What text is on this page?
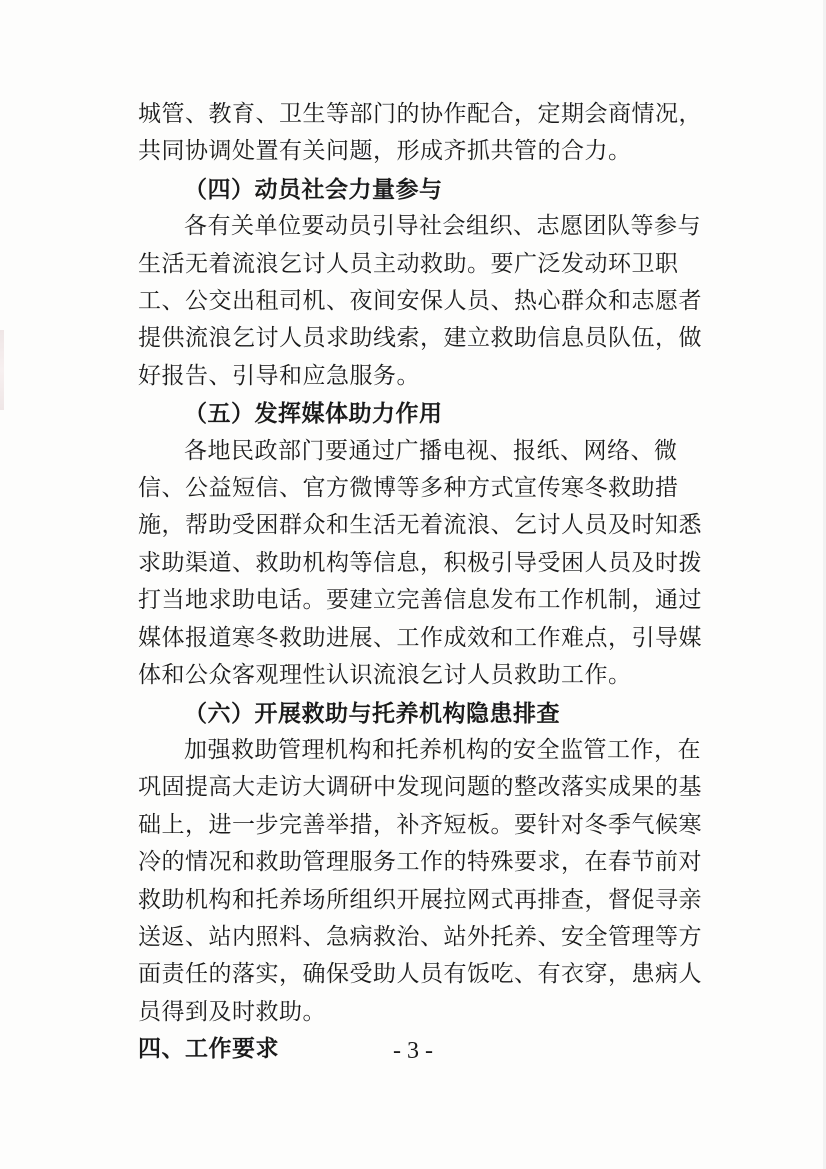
城管、教育、卫生等部门的协作配合，定期会商情况，共同协调处置有关问题，形成齐抓共管的合力。

（四）动员社会力量参与

各有关单位要动员引导社会组织、志愿团队等参与生活无着流浪乞讨人员主动救助。要广泛发动环卫职工、公交出租司机、夜间安保人员、热心群众和志愿者提供流浪乞讨人员求助线索，建立救助信息员队伍，做好报告、引导和应急服务。

（五）发挥媒体助力作用

各地民政部门要通过广播电视、报纸、网络、微信、公益短信、官方微博等多种方式宣传寒冬救助措施，帮助受困群众和生活无着流浪、乞讨人员及时知悉求助渠道、救助机构等信息，积极引导受困人员及时拨打当地求助电话。要建立完善信息发布工作机制，通过媒体报道寒冬救助进展、工作成效和工作难点，引导媒体和公众客观理性认识流浪乞讨人员救助工作。

（六）开展救助与托养机构隐患排查

加强救助管理机构和托养机构的安全监管工作，在巩固提高大走访大调研中发现问题的整改落实成果的基础上，进一步完善举措，补齐短板。要针对冬季气候寒冷的情况和救助管理服务工作的特殊要求，在春节前对救助机构和托养场所组织开展拉网式再排查，督促寻亲送返、站内照料、急病救治、站外托养、安全管理等方面责任的落实，确保受助人员有饭吃、有衣穿，患病人员得到及时救助。

四、工作要求	- 3 -
